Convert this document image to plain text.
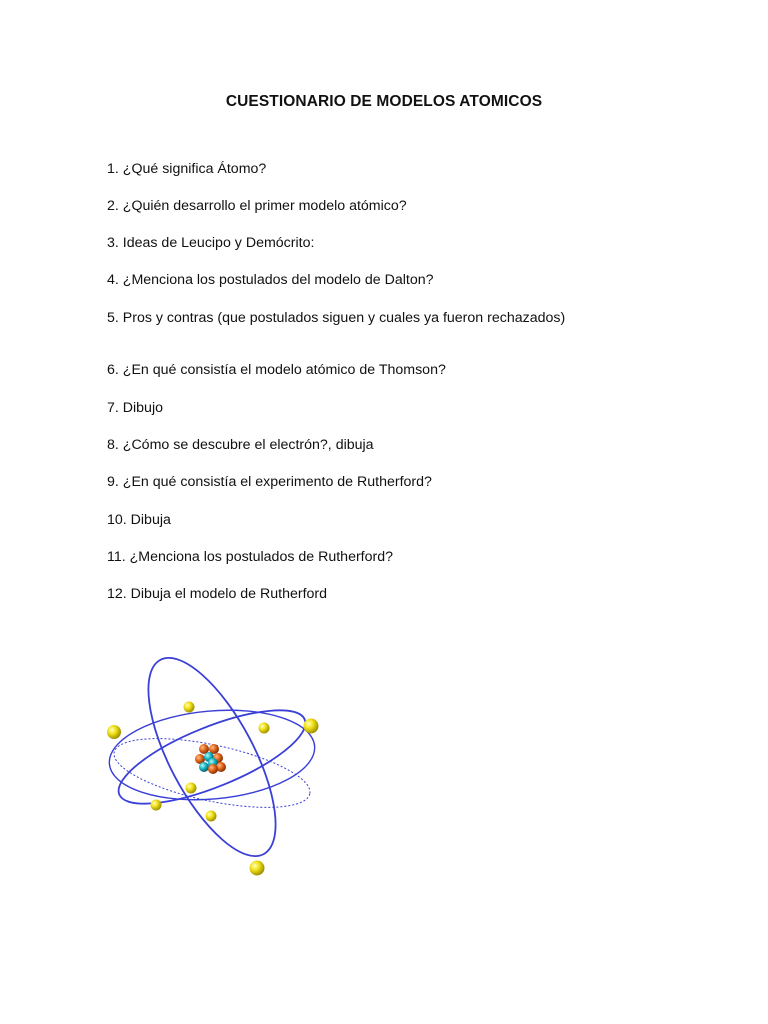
CUESTIONARIO DE MODELOS ATOMICOS
1. ¿Qué significa Átomo?
2. ¿Quién desarrollo el primer modelo atómico?
3. Ideas de Leucipo y Demócrito:
4. ¿Menciona los postulados del modelo de Dalton?
5. Pros y contras (que postulados siguen y cuales ya fueron rechazados)
6. ¿En qué consistía el modelo atómico de Thomson?
7. Dibujo
8. ¿Cómo se descubre el electrón?, dibuja
9. ¿En qué consistía el experimento de Rutherford?
10. Dibuja
11. ¿Menciona los postulados de Rutherford?
12. Dibuja el modelo de Rutherford
